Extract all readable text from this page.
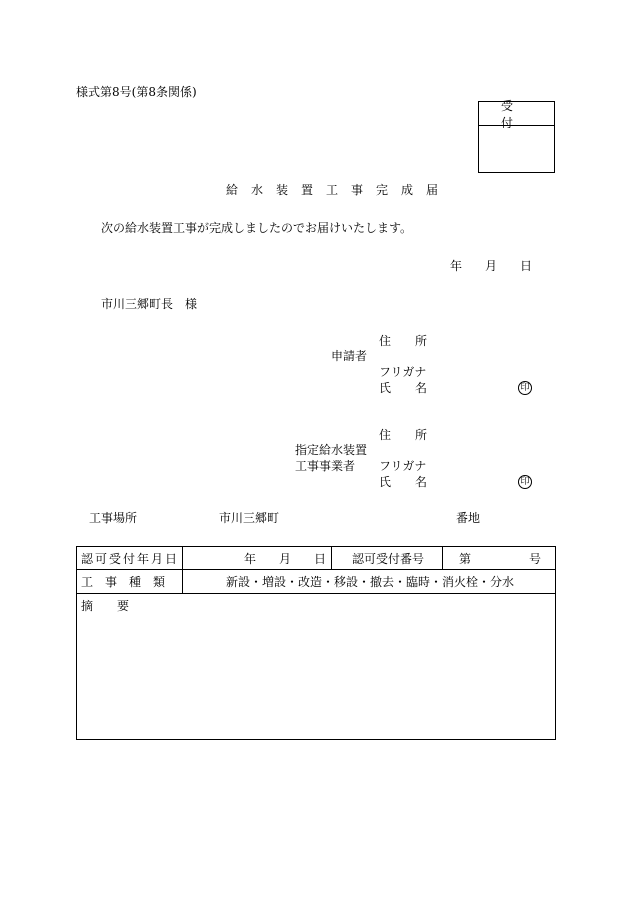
様式第8号(第8条関係)
受付
給水装置工事完成届
次の給水装置工事が完成しましたのでお届けいたします。
年 月 日
市川三郷町長　様
住　　所
申請者
フリガナ
氏　　名	印
住　　所
指定給水装置
工事事業者 フリガナ
氏　　名	印
工事場所	市川三郷町	番地
認可受付年月日	年 月 日 認可受付番号	第	号
工　事　種　類	新設・増設・改造・移設・撤去・臨時・消火栓・分水
摘　　要
